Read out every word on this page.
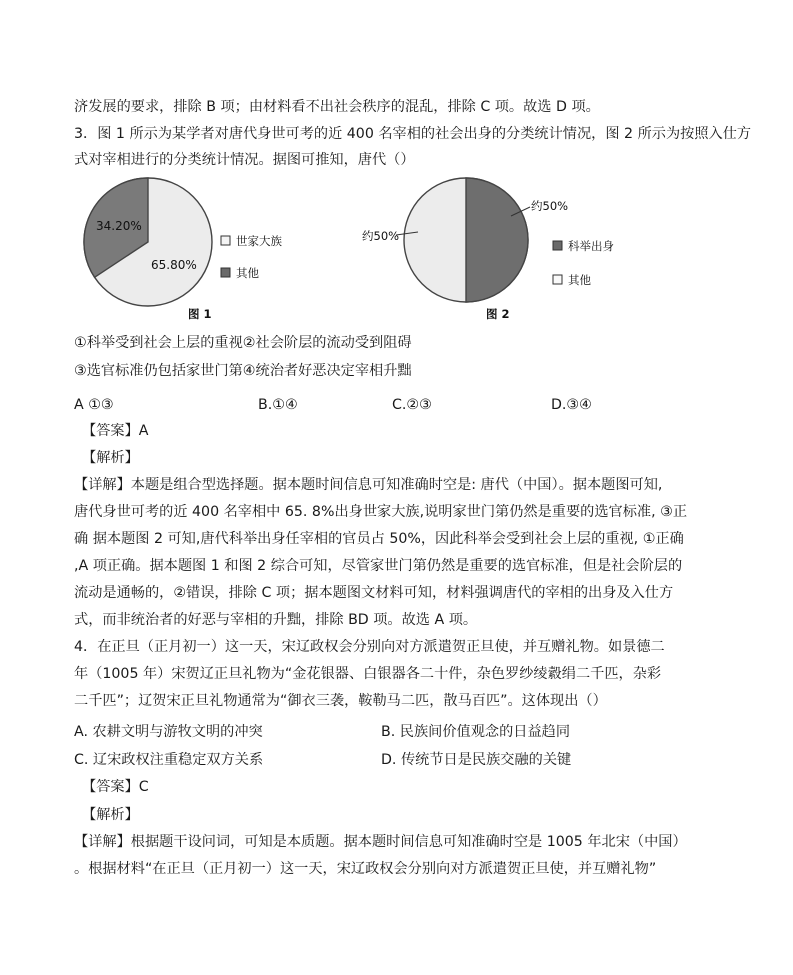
济发展的要求，排除 B 项；由材料看不出社会秩序的混乱，排除 C 项。故选 D 项。
3．图 1 所示为某学者对唐代身世可考的近 400 名宰相的社会出身的分类统计情况，图 2 所示为按照入仕方
式对宰相进行的分类统计情况。据图可推知，唐代（）
34.20%
65.80%
世家大族
其他
图 1
约50%
约50%
科举出身
其他
图 2
①科举受到社会上层的重视②社会阶层的流动受到阻碍
③选官标准仍包括家世门第④统治者好恶决定宰相升黜
A ①③	B.①④	C.②③	D.③④
【答案】A
【解析】
【详解】本题是组合型选择题。据本题时间信息可知准确时空是: 唐代（中国）。据本题图可知,
唐代身世可考的近 400 名宰相中 65. 8%出身世家大族,说明家世门第仍然是重要的选官标准, ③正
确 据本题图 2 可知,唐代科举出身任宰相的官员占 50%，因此科举会受到社会上层的重视, ①正确
,A 项正确。据本题图 1 和图 2 综合可知，尽管家世门第仍然是重要的选官标准，但是社会阶层的
流动是通畅的，②错误，排除 C 项；据本题图文材料可知，材料强调唐代的宰相的出身及入仕方
式，而非统治者的好恶与宰相的升黜，排除 BD 项。故选 A 项。
4．在正旦（正月初一）这一天，宋辽政权会分别向对方派遣贺正旦使，并互赠礼物。如景德二
年（1005 年）宋贺辽正旦礼物为“金花银器、白银器各二十件，杂色罗纱绫縠绢二千匹，杂彩
二千匹”；辽贺宋正旦礼物通常为“御衣三袭，鞍勒马二匹，散马百匹”。这体现出（）
A. 农耕文明与游牧文明的冲突	B. 民族间价值观念的日益趋同
C. 辽宋政权注重稳定双方关系	D. 传统节日是民族交融的关键
【答案】C
【解析】
【详解】根据题干设问词，可知是本质题。据本题时间信息可知准确时空是 1005 年北宋（中国）
。根据材料“在正旦（正月初一）这一天，宋辽政权会分别向对方派遣贺正旦使，并互赠礼物”
